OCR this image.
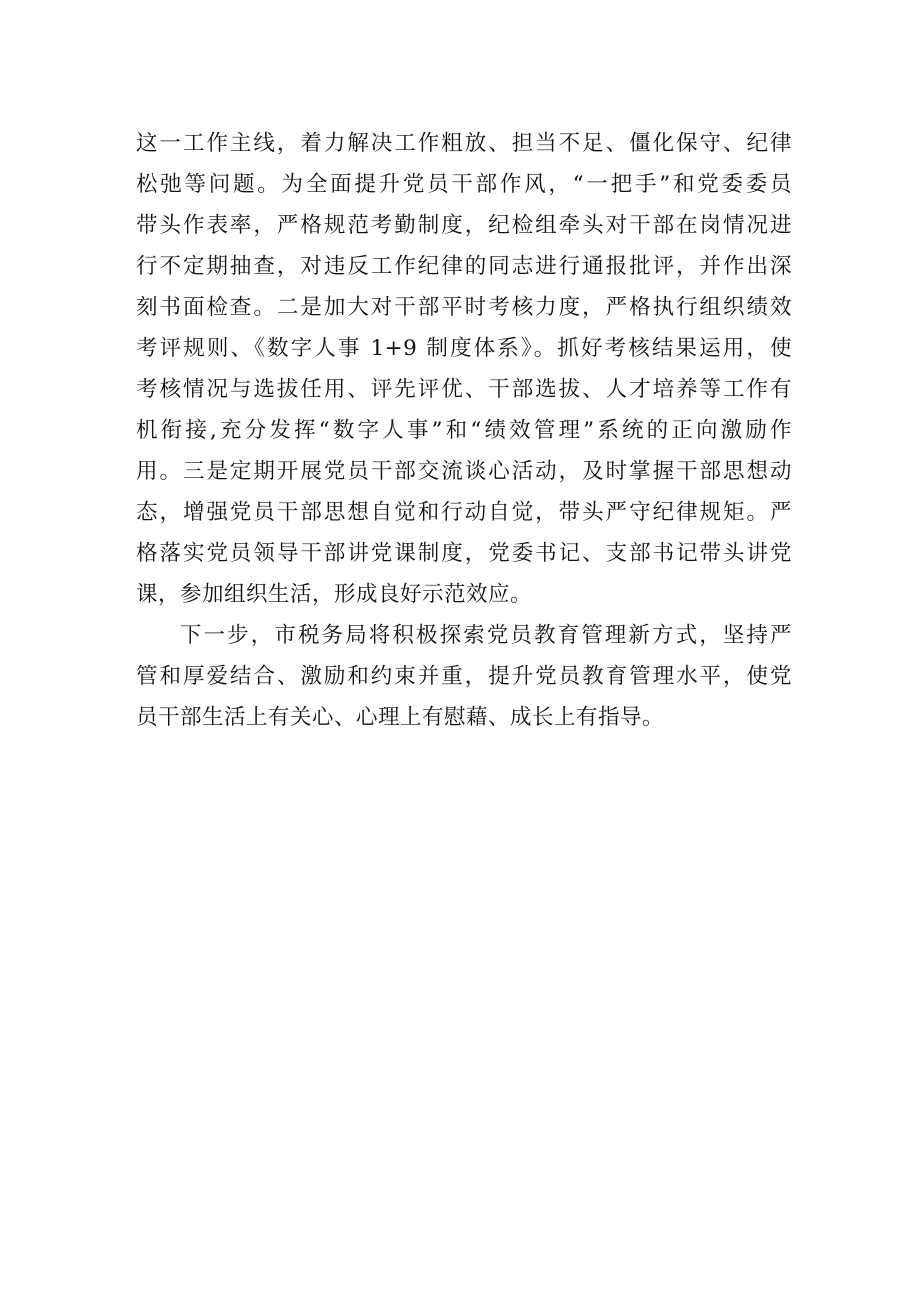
这一工作主线，着力解决工作粗放、担当不足、僵化保守、纪律
松弛等问题。为全面提升党员干部作风，“一把手”和党委委员
带头作表率，严格规范考勤制度，纪检组牵头对干部在岗情况进
行不定期抽查，对违反工作纪律的同志进行通报批评，并作出深
刻书面检查。二是加大对干部平时考核力度，严格执行组织绩效
考评规则、《数字人事 1+9 制度体系》。抓好考核结果运用，使
考核情况与选拔任用、评先评优、干部选拔、人才培养等工作有
机衔接,充分发挥“数字人事”和“绩效管理”系统的正向激励作
用。三是定期开展党员干部交流谈心活动，及时掌握干部思想动
态，增强党员干部思想自觉和行动自觉，带头严守纪律规矩。严
格落实党员领导干部讲党课制度，党委书记、支部书记带头讲党
课，参加组织生活，形成良好示范效应。
下一步，市税务局将积极探索党员教育管理新方式，坚持严
管和厚爱结合、激励和约束并重，提升党员教育管理水平，使党
员干部生活上有关心、心理上有慰藉、成长上有指导。
